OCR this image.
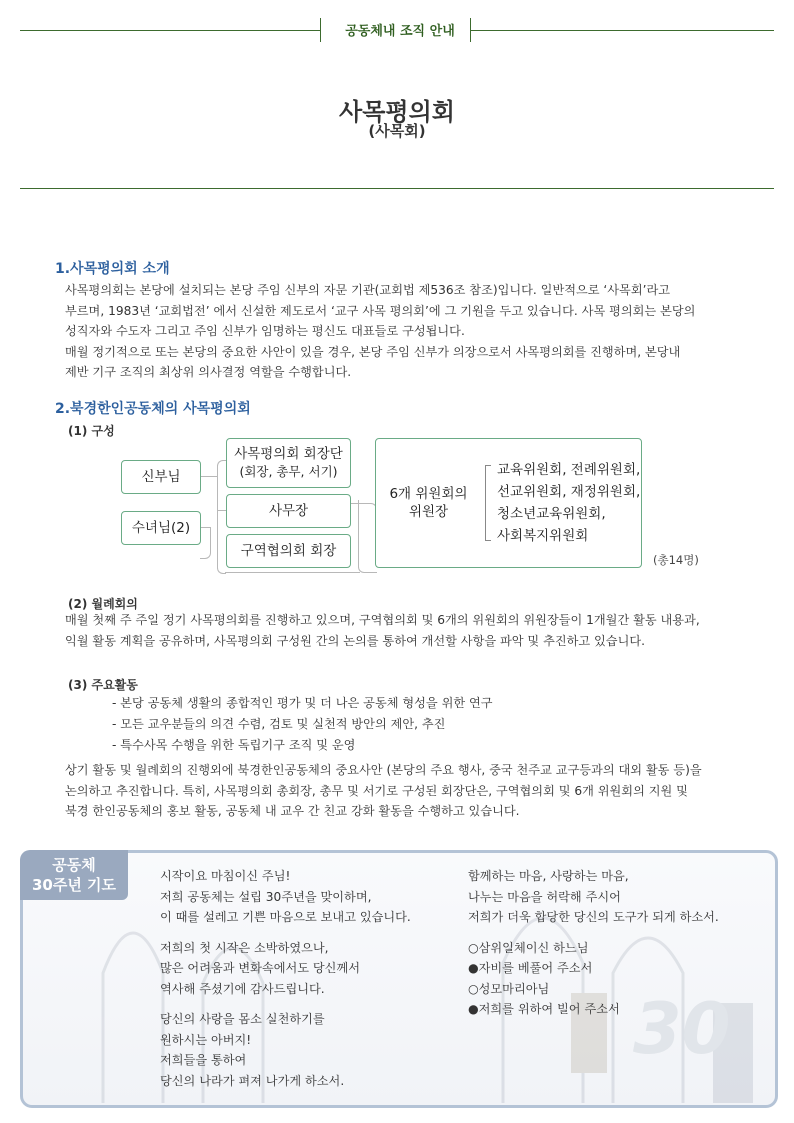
공동체내 조직 안내
사목평의회
(사목회)
1.사목평의회 소개
사목평의회는 본당에 설치되는 본당 주임 신부의 자문 기관(교회법 제536조 참조)입니다. 일반적으로 ‘사목회’라고
부르며, 1983년 ‘교회법전’ 에서 신설한 제도로서 ‘교구 사목 평의회’에 그 기원을 두고 있습니다. 사목 평의회는 본당의
성직자와 수도자 그리고 주임 신부가 임명하는 평신도 대표들로 구성됩니다.
매월 정기적으로 또는 본당의 중요한 사안이 있을 경우, 본당 주임 신부가 의장으로서 사목평의회를 진행하며, 본당내
제반 기구 조직의 최상위 의사결정 역할을 수행합니다.
2.북경한인공동체의 사목평의회
(1) 구성
신부님
수녀님(2)
사목평의회 회장단
(회장, 총무, 서기)
사무장
구역협의회 회장
6개 위원회의
위원장
교육위원회, 전례위원회,
선교위원회, 재정위원회,
청소년교육위원회,
사회복지위원회
(총14명)
(2) 월례회의
매월 첫째 주 주일 정기 사목평의회를 진행하고 있으며, 구역협의회 및 6개의 위원회의 위원장들이 1개월간 활동 내용과,
익월 활동 계획을 공유하며, 사목평의회 구성원 간의 논의를 통하여 개선할 사항을 파악 및 추진하고 있습니다.
(3) 주요활동
- 본당 공동체 생활의 종합적인 평가 및 더 나은 공동체 형성을 위한 연구
- 모든 교우분들의 의견 수렴, 검토 및 실천적 방안의 제안, 추진
- 특수사목 수행을 위한 독립기구 조직 및 운영
상기 활동 및 월례회의 진행외에 북경한인공동체의 중요사안 (본당의 주요 행사, 중국 천주교 교구등과의 대외 활동 등)을
논의하고 추진합니다. 특히, 사목평의회 총회장, 총무 및 서기로 구성된 회장단은, 구역협의회 및 6개 위원회의 지원 및
북경 한인공동체의 홍보 활동, 공동체 내 교우 간 친교 강화 활동을 수행하고 있습니다.
30
공동체
30주년 기도	시작이요 마침이신 주님!
저희 공동체는 설립 30주년을 맞이하며,
이 때를 설레고 기쁜 마음으로 보내고 있습니다.
저희의 첫 시작은 소박하였으나,
많은 어려움과 변화속에서도 당신께서
역사해 주셨기에 감사드립니다.
당신의 사랑을 몸소 실천하기를
원하시는 아버지!
저희들을 통하여
당신의 나라가 펴져 나가게 하소서.
함께하는 마음, 사랑하는 마음,
나누는 마음을 허락해 주시어
저희가 더욱 합당한 당신의 도구가 되게 하소서.
○삼위일체이신 하느님
●자비를 베풀어 주소서
○성모마리아님
●저희를 위하여 빌어 주소서
